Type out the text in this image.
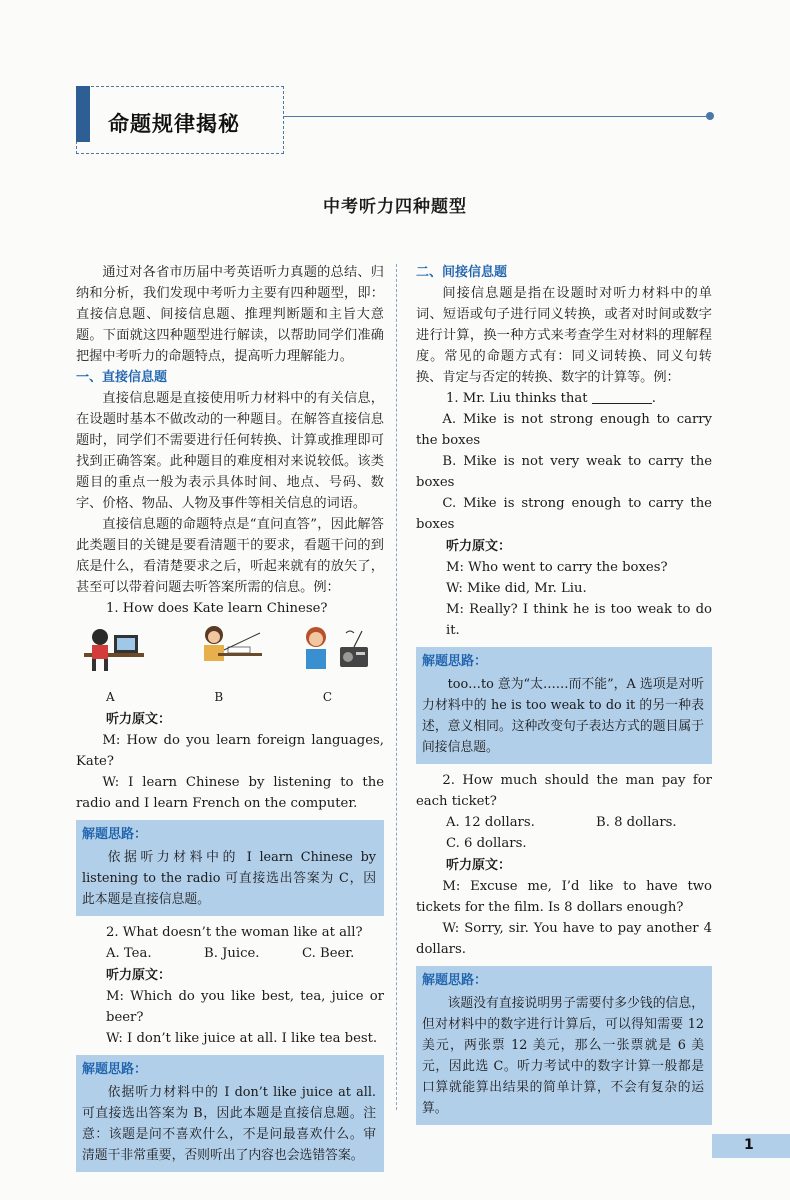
命题规律揭秘
中考听力四种题型

通过对各省市历届中考英语听力真题的总结、归纳和分析，我们发现中考听力主要有四种题型，即：直接信息题、间接信息题、推理判断题和主旨大意题。下面就这四种题型进行解读，以帮助同学们准确把握中考听力的命题特点，提高听力理解能力。

一、直接信息题

直接信息题是直接使用听力材料中的有关信息，在设题时基本不做改动的一种题目。在解答直接信息题时，同学们不需要进行任何转换、计算或推理即可找到正确答案。此种题目的难度相对来说较低。该类题目的重点一般为表示具体时间、地点、号码、数字、价格、物品、人物及事件等相关信息的词语。

直接信息题的命题特点是“直问直答”，因此解答此类题目的关键是要看清题干的要求，看题干问的到底是什么，看清楚要求之后，听起来就有的放矢了，甚至可以带着问题去听答案所需的信息。例：

1. How does Kate learn Chinese?

A	B	C

听力原文：

M: How do you learn foreign languages, Kate?

W: I learn Chinese by listening to the radio and I learn French on the computer.

解题思路：

依据听力材料中的 I learn Chinese by listening to the radio 可直接选出答案为 C，因此本题是直接信息题。

2. What doesn’t the woman like at all?

A. Tea.	B. Juice.	C. Beer.

听力原文：

M: Which do you like best, tea, juice or beer?

W: I don’t like juice at all. I like tea best.

解题思路：

依据听力材料中的 I don’t like juice at all. 可直接选出答案为 B，因此本题是直接信息题。注意：该题是问不喜欢什么，不是问最喜欢什么。审清题干非常重要，否则听出了内容也会选错答案。

二、间接信息题

间接信息题是指在设题时对听力材料中的单词、短语或句子进行同义转换，或者对时间或数字进行计算，换一种方式来考查学生对材料的理解程度。常见的命题方式有：同义词转换、同义句转换、肯定与否定的转换、数字的计算等。例：

1. Mr. Liu thinks that	.

A. Mike is not strong enough to carry the boxes

B. Mike is not very weak to carry the boxes

C. Mike is strong enough to carry the boxes

听力原文：

M: Who went to carry the boxes?

W: Mike did, Mr. Liu.

M: Really? I think he is too weak to do it.

解题思路：

too…to 意为“太……而不能”，A 选项是对听力材料中的 he is too weak to do it 的另一种表述，意义相同。这种改变句子表达方式的题目属于间接信息题。

2. How much should the man pay for each ticket?

A. 12 dollars.	B. 8 dollars.

C. 6 dollars.

听力原文：

M: Excuse me, I’d like to have two tickets for the film. Is 8 dollars enough?

W: Sorry, sir. You have to pay another 4 dollars.

解题思路：

该题没有直接说明男子需要付多少钱的信息，但对材料中的数字进行计算后，可以得知需要 12 美元，两张票 12 美元，那么一张票就是 6 美元，因此选 C。听力考试中的数字计算一般都是口算就能算出结果的简单计算，不会有复杂的运算。

1
